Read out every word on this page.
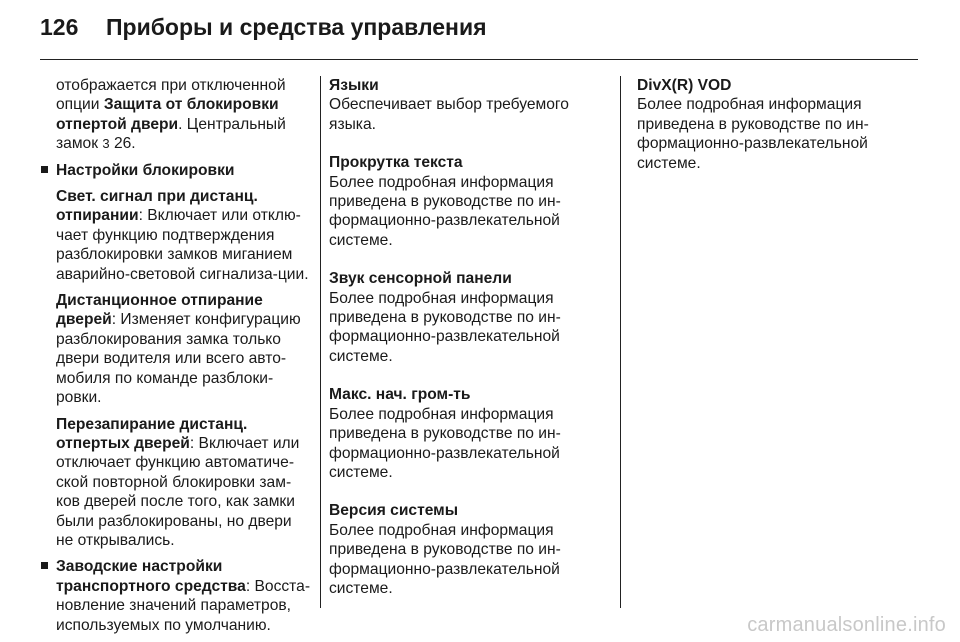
126	Приборы и средства управления

отображается при отключенной опции Защита от блокировки отпертой двери. Центральный замок 3 26.

Настройки блокировки

Свет. сигнал при дистанц. отпирании: Включает или отклю-чает функцию подтверждения разблокировки замков миганием аварийно-световой сигнализа-ции.

Дистанционное отпирание дверей: Изменяет конфигурацию разблокирования замка только двери водителя или всего авто-мобиля по команде разблоки-ровки.

Перезапирание дистанц. отпертых дверей: Включает или отключает функцию автоматиче-ской повторной блокировки зам-ков дверей после того, как замки были разблокированы, но двери не открывались.

Заводские настройки транспортного средства: Восста-новление значений параметров, используемых по умолчанию.

Языки

Обеспечивает выбор требуемого языка.

Прокрутка текста

Более подробная информация приведена в руководстве по ин-формационно-развлекательной системе.

Звук сенсорной панели

Более подробная информация приведена в руководстве по ин-формационно-развлекательной системе.

Макс. нач. гром-ть

Более подробная информация приведена в руководстве по ин-формационно-развлекательной системе.

Версия системы

Более подробная информация приведена в руководстве по ин-формационно-развлекательной системе.

DivX(R) VOD

Более подробная информация приведена в руководстве по ин-формационно-развлекательной системе.

carmanualsonline.info
